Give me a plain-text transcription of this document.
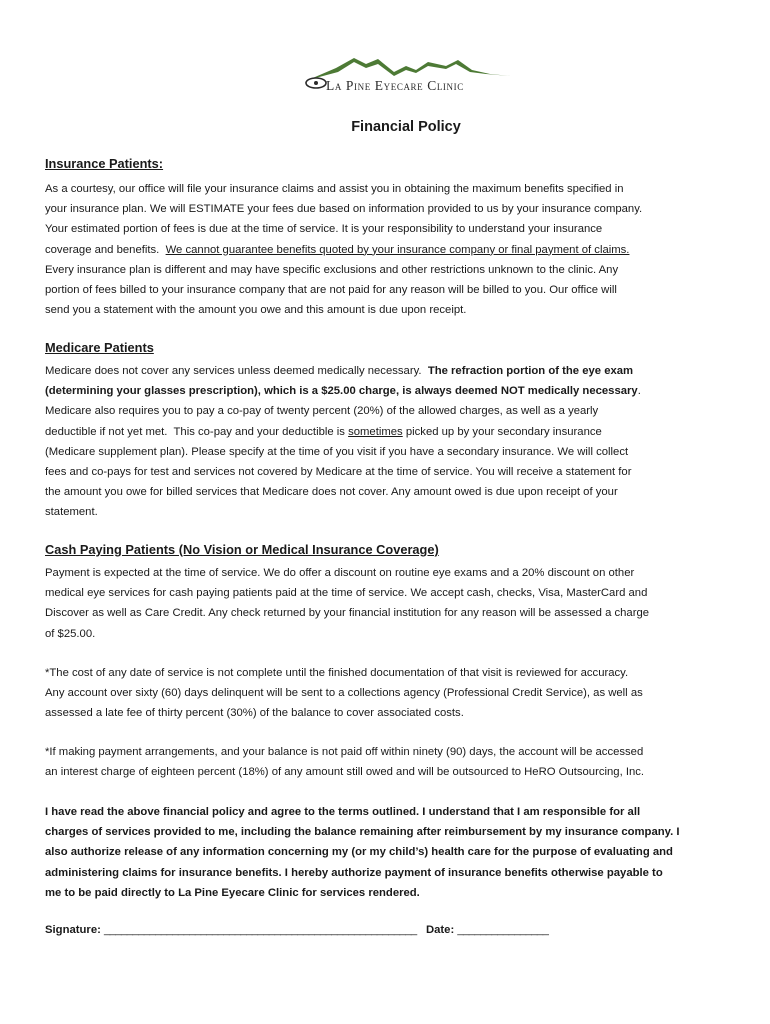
La Pine Eyecare Clinic
Financial Policy
Insurance Patients:
As a courtesy, our office will file your insurance claims and assist you in obtaining the maximum benefits specified in
your insurance plan. We will ESTIMATE your fees due based on information provided to us by your insurance company.
Your estimated portion of fees is due at the time of service. It is your responsibility to understand your insurance
coverage and benefits.  We cannot guarantee benefits quoted by your insurance company or final payment of claims.
Every insurance plan is different and may have specific exclusions and other restrictions unknown to the clinic. Any
portion of fees billed to your insurance company that are not paid for any reason will be billed to you. Our office will
send you a statement with the amount you owe and this amount is due upon receipt.
Medicare Patients
Medicare does not cover any services unless deemed medically necessary.  The refraction portion of the eye exam
(determining your glasses prescription), which is a $25.00 charge, is always deemed NOT medically necessary.
Medicare also requires you to pay a co-pay of twenty percent (20%) of the allowed charges, as well as a yearly
deductible if not yet met.  This co-pay and your deductible is sometimes picked up by your secondary insurance
(Medicare supplement plan). Please specify at the time of you visit if you have a secondary insurance. We will collect
fees and co-pays for test and services not covered by Medicare at the time of service. You will receive a statement for
the amount you owe for billed services that Medicare does not cover. Any amount owed is due upon receipt of your
statement.
Cash Paying Patients (No Vision or Medical Insurance Coverage)
Payment is expected at the time of service. We do offer a discount on routine eye exams and a 20% discount on other
medical eye services for cash paying patients paid at the time of service. We accept cash, checks, Visa, MasterCard and
Discover as well as Care Credit. Any check returned by your financial institution for any reason will be assessed a charge
of $25.00.
*The cost of any date of service is not complete until the finished documentation of that visit is reviewed for accuracy.
Any account over sixty (60) days delinquent will be sent to a collections agency (Professional Credit Service), as well as
assessed a late fee of thirty percent (30%) of the balance to cover associated costs.
*If making payment arrangements, and your balance is not paid off within ninety (90) days, the account will be accessed
an interest charge of eighteen percent (18%) of any amount still owed and will be outsourced to HeRO Outsourcing, Inc.
I have read the above financial policy and agree to the terms outlined. I understand that I am responsible for all
charges of services provided to me, including the balance remaining after reimbursement by my insurance company. I
also authorize release of any information concerning my (or my child’s) health care for the purpose of evaluating and
administering claims for insurance benefits. I hereby authorize payment of insurance benefits otherwise payable to
me to be paid directly to La Pine Eyecare Clinic for services rendered.
Signature: _______________________________________________________   Date: ________________
